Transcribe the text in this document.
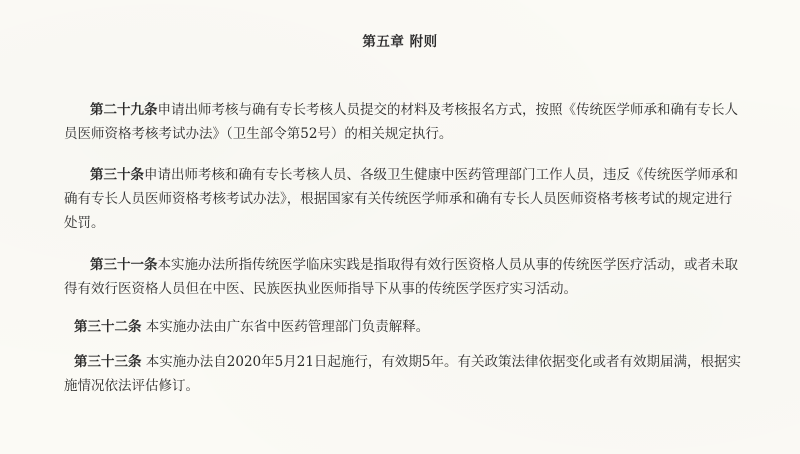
第五章 附则

第二十九条申请出师考核与确有专长考核人员提交的材料及考核报名方式，按照《传统医学师承和确有专长人员医师资格考核考试办法》（卫生部令第52号）的相关规定执行。

第三十条申请出师考核和确有专长考核人员、各级卫生健康中医药管理部门工作人员，违反《传统医学师承和确有专长人员医师资格考核考试办法》，根据国家有关传统医学师承和确有专长人员医师资格考核考试的规定进行处罚。

第三十一条本实施办法所指传统医学临床实践是指取得有效行医资格人员从事的传统医学医疗活动，或者未取得有效行医资格人员但在中医、民族医执业医师指导下从事的传统医学医疗实习活动。

第三十二条 本实施办法由广东省中医药管理部门负责解释。

第三十三条 本实施办法自2020年5月21日起施行，有效期5年。有关政策法律依据变化或者有效期届满，根据实施情况依法评估修订。
